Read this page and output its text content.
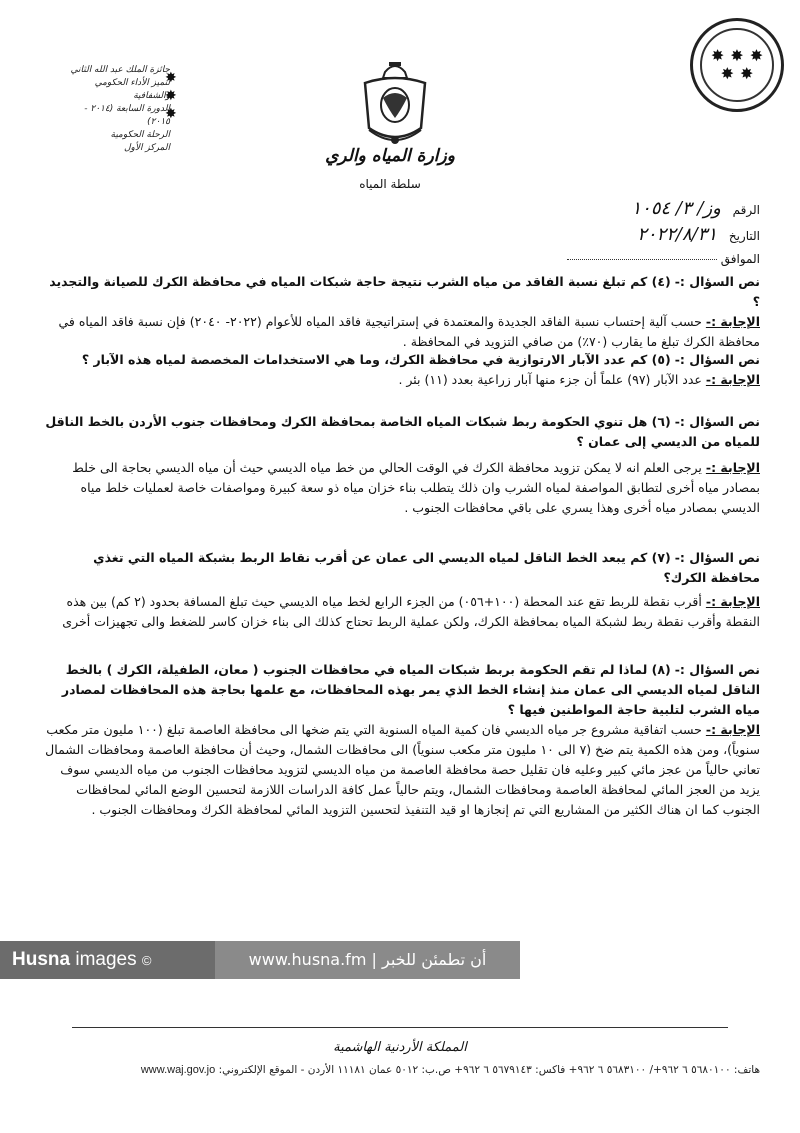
✸ ✸ ✸
✸ ✸
جائزة الملك عبد الله الثاني
لتميز الأداء الحكومي والشفافية
الدورة السابعة (٢٠١٤ - ٢٠١٥)
الرحلة الحكومية
المركز الأول
✸
✸
✸
وزارة المياه والري
سلطة المياه
الرقم وز/ ٣/ ١٠٥٤
التاريخ ٢٠٢٢/٨/٣١
الموافق
نص السؤال :- (٤) كم تبلغ نسبة الفاقد من مياه الشرب نتيجة حاجة شبكات المياه في محافظة الكرك للصيانة والتجديد ؟
الإجابة :-حسب آلية إحتساب نسبة الفاقد الجديدة والمعتمدة في إستراتيجية فاقد المياه للأعوام (٢٠٢٢- ٢٠٤٠) فإن نسبة فاقد المياه في محافظة الكرك تبلغ ما يقارب (٧٠٪) من صافي التزويد في المحافظة .
نص السؤال :- (٥) كم عدد الآبار الارتوازية في محافظة الكرك، وما هي الاستخدامات المخصصة لمياه هذه الآبار ؟
الإجابة :-عدد الآبار (٩٧) علماً أن جزء منها آبار زراعية بعدد (١١) بئر .
نص السؤال :- (٦) هل تنوي الحكومة ربط شبكات المياه الخاصة بمحافظة الكرك ومحافظات جنوب الأردن بالخط الناقل للمياه من الديسي إلى عمان ؟
الإجابة :-يرجى العلم انه لا يمكن تزويد محافظة الكرك في الوقت الحالي من خط مياه الديسي حيث أن مياه الديسي بحاجة الى خلط بمصادر مياه أخرى لتطابق المواصفة لمياه الشرب وان ذلك يتطلب بناء خزان مياه ذو سعة كبيرة ومواصفات خاصة لعمليات خلط مياه الديسي بمصادر مياه أخرى وهذا يسري على باقي محافظات الجنوب .
نص السؤال :- (٧) كم يبعد الخط الناقل لمياه الديسي الى عمان عن أقرب نقاط الربط بشبكة المياه التي تغذي محافظة الكرك؟
الإجابة :-أقرب نقطة للربط تقع عند المحطة (١٠٠+٠٥٦) من الجزء الرابع لخط مياه الديسي حيث تبلغ المسافة بحدود (٢ كم) بين هذه النقطة وأقرب نقطة ربط لشبكة المياه بمحافظة الكرك، ولكن عملية الربط تحتاج كذلك الى بناء خزان كاسر للضغط والى تجهيزات أخرى
نص السؤال :- (٨) لماذا لم تقم الحكومة بربط شبكات المياه في محافظات الجنوب ( معان، الطفيلة، الكرك ) بالخط الناقل لمياه الديسي الى عمان منذ إنشاء الخط الذي يمر بهذه المحافظات، مع علمها بحاجة هذه المحافظات لمصادر مياه الشرب لتلبية حاجة المواطنين فيها ؟
الإجابة :-حسب اتفاقية مشروع جر مياه الديسي فان كمية المياه السنوية التي يتم ضخها الى محافظة العاصمة تبلغ (١٠٠ مليون متر مكعب سنوياً)، ومن هذه الكمية يتم ضخ (٧ الى ١٠ مليون متر مكعب سنوياً) الى محافظات الشمال، وحيث أن محافظة العاصمة ومحافظات الشمال تعاني حالياً من عجز مائي كبير وعليه فان تقليل حصة محافظة العاصمة من مياه الديسي لتزويد محافظات الجنوب من مياه الديسي سوف يزيد من العجز المائي لمحافظة العاصمة ومحافظات الشمال، ويتم حالياً عمل كافة الدراسات اللازمة لتحسين الوضع المائي لمحافظات الجنوب كما ان هناك الكثير من المشاريع التي تم إنجازها او قيد التنفيذ لتحسين التزويد المائي لمحافظة الكرك ومحافظات الجنوب .
Husna images ©	www.husna.fm | أن تطمئن للخبر
المملكة الأردنية الهاشمية
هاتف: ٥٦٨٠١٠٠ ٦ ٩٦٢+/ ٥٦٨٣١٠٠ ٦ ٩٦٢+ فاكس: ٥٦٧٩١٤٣ ٦ ٩٦٢+ ص.ب: ٥٠١٢ عمان ١١١٨١ الأردن - الموقع الإلكتروني: www.waj.gov.jo
